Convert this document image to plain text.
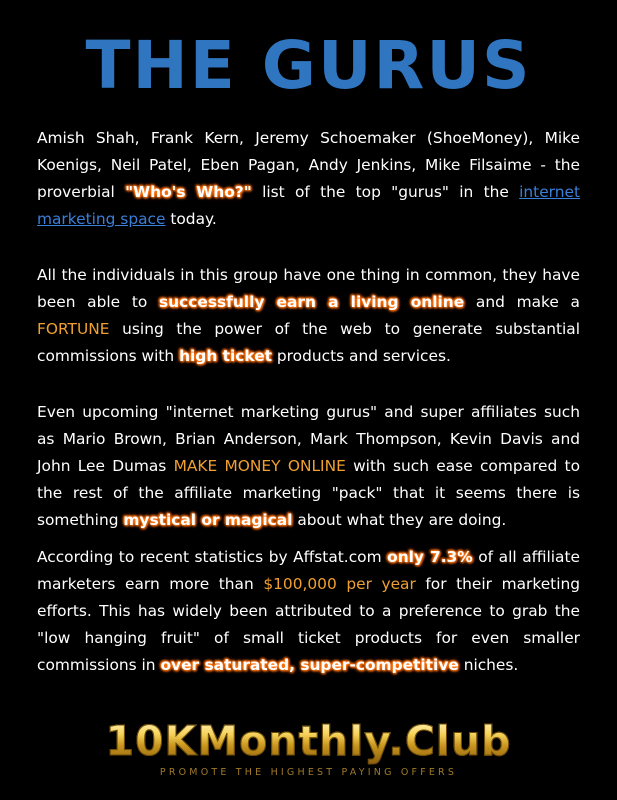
THE GURUS
Amish Shah, Frank Kern, Jeremy Schoemaker (ShoeMoney), Mike Koenigs, Neil Patel, Eben Pagan, Andy Jenkins, Mike Filsaime - the proverbial "Who's Who?" list of the top "gurus" in the internet marketing space today.
All the individuals in this group have one thing in common, they have been able to successfully earn a living online and make a FORTUNE using the power of the web to generate substantial commissions with high ticket products and services.
Even upcoming "internet marketing gurus" and super affiliates such as Mario Brown, Brian Anderson, Mark Thompson, Kevin Davis and John Lee Dumas MAKE MONEY ONLINE with such ease compared to the rest of the affiliate marketing "pack" that it seems there is something mystical or magical about what they are doing.
According to recent statistics by Affstat.com only 7.3% of all affiliate marketers earn more than $100,000 per year for their marketing efforts. This has widely been attributed to a preference to grab the "low hanging fruit" of small ticket products for even smaller commissions in over saturated, super-competitive niches.
10KMonthly.Club
PROMOTE THE HIGHEST PAYING OFFERS
